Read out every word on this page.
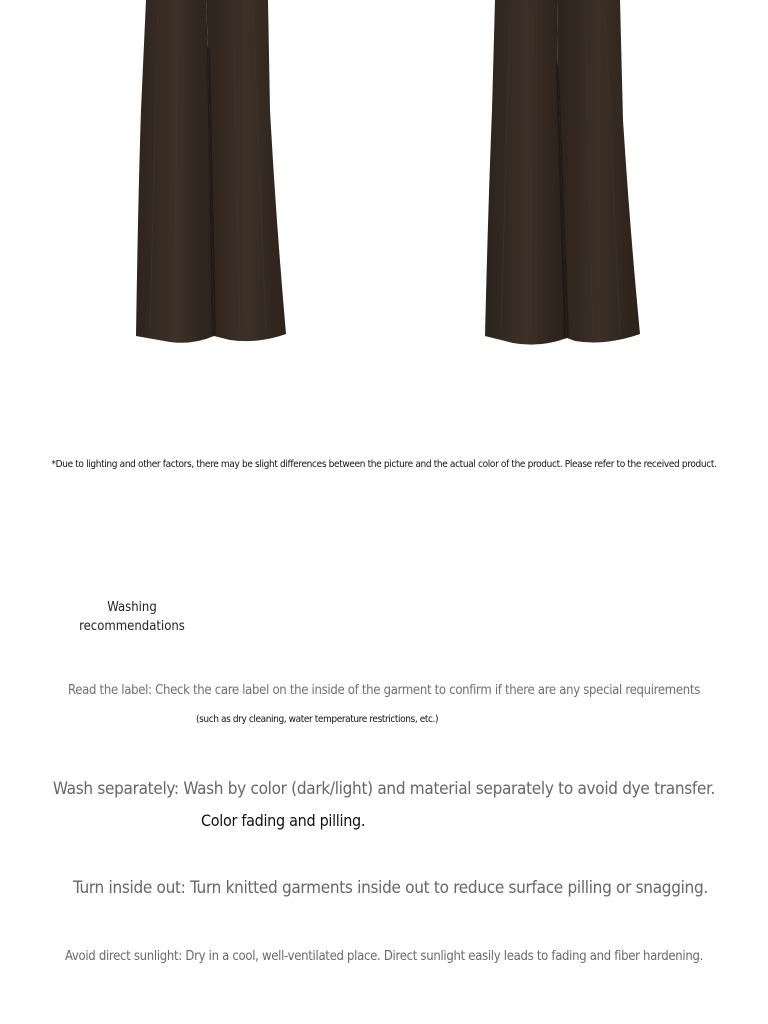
*Due to lighting and other factors, there may be slight differences between the picture and the actual color of the product. Please refer to the received product.
Washing recommendations
Read the label: Check the care label on the inside of the garment to confirm if there are any special requirements
(such as dry cleaning, water temperature restrictions, etc.)
Wash separately: Wash by color (dark/light) and material separately to avoid dye transfer.
Color fading and pilling.
Turn inside out: Turn knitted garments inside out to reduce surface pilling or snagging.
Avoid direct sunlight: Dry in a cool, well-ventilated place. Direct sunlight easily leads to fading and fiber hardening.
